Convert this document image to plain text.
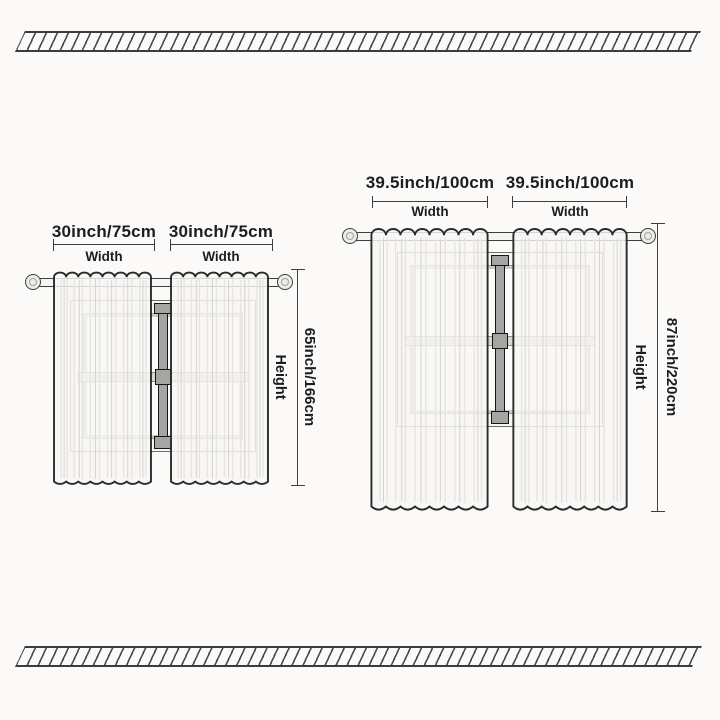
30inch/75cm 30inch/75cm
Width	Width
Height 65inch/166cm
39.5inch/100cm 39.5inch/100cm
Width	Width
Height 87inch/220cm
